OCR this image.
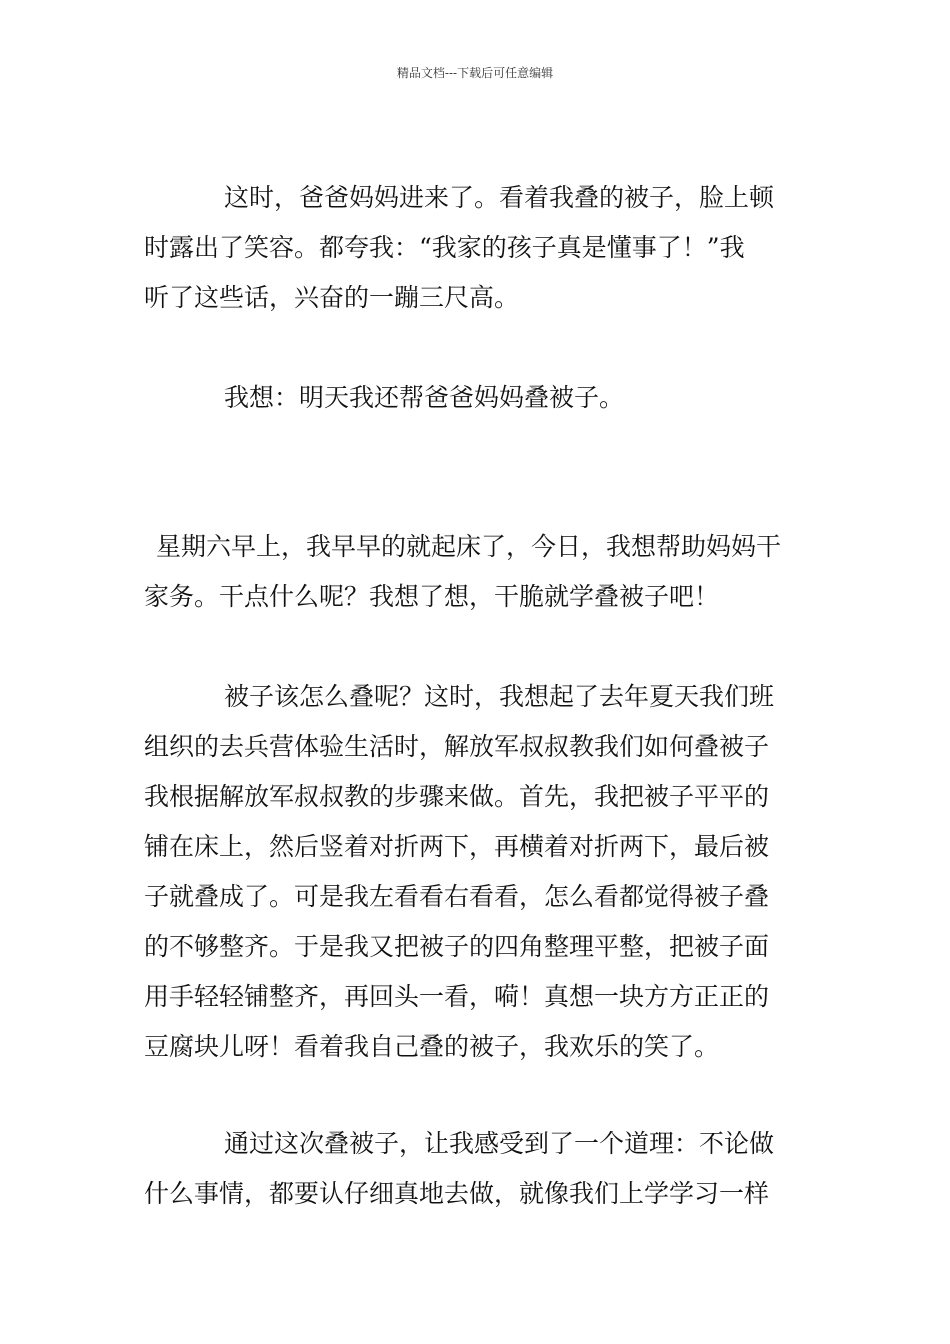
精品文档---下载后可任意编辑
这时，爸爸妈妈进来了。看着我叠的被子，脸上顿
时露出了笑容。都夸我：“我家的孩子真是懂事了！”我
听了这些话，兴奋的一蹦三尺高。
我想：明天我还帮爸爸妈妈叠被子。
星期六早上，我早早的就起床了，今日，我想帮助妈妈干
家务。干点什么呢？我想了想，干脆就学叠被子吧！
被子该怎么叠呢？这时，我想起了去年夏天我们班
组织的去兵营体验生活时，解放军叔叔教我们如何叠被子
我根据解放军叔叔教的步骤来做。首先，我把被子平平的
铺在床上，然后竖着对折两下，再横着对折两下，最后被
子就叠成了。可是我左看看右看看，怎么看都觉得被子叠
的不够整齐。于是我又把被子的四角整理平整，把被子面
用手轻轻铺整齐，再回头一看，嗬！真想一块方方正正的
豆腐块儿呀！看着我自己叠的被子，我欢乐的笑了。
通过这次叠被子，让我感受到了一个道理：不论做
什么事情，都要认仔细真地去做，就像我们上学学习一样
